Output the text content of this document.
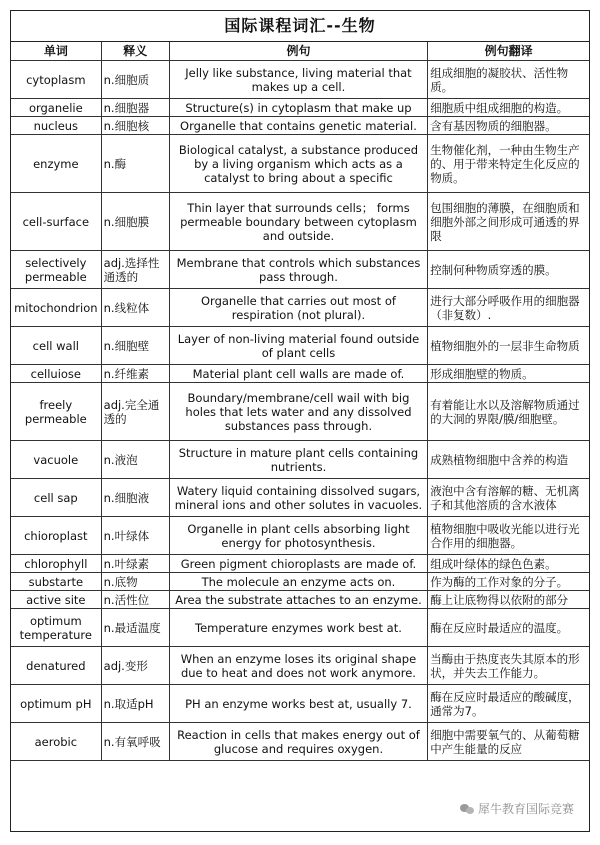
国际课程词汇--生物
单词	释义	例句	例句翻译
cytoplasm	n.细胞质	Jelly like substance, living material that makes up a cell.	组成细胞的凝胶状、活性物质。
organelie	n.细胞器	Structure(s) in cytoplasm that make up	细胞质中组成细胞的构造。
nucleus	n.细胞核	Organelle that contains genetic material.	含有基因物质的细胞器。
enzyme	n.酶	Biological catalyst, a substance produced by a living organism which acts as a catalyst to bring about a specific	生物催化剂，一种由生物生产的、用于带来特定生化反应的物质。
cell-surface	n.细胞膜	Thin layer that surrounds cells； forms permeable boundary between cytoplasm and outside.	包围细胞的薄膜，在细胞质和细胞外部之间形成可通透的界限
selectively permeable	adj.选择性通透的	Membrane that controls which substances pass through.	控制何种物质穿透的膜。
mitochondrion	n.线粒体	Organelle that carries out most of respiration (not plural).	进行大部分呼吸作用的细胞器（非复数）.
cell wall	n.细胞壁	Layer of non-living material found outside of plant cells	植物细胞外的一层非生命物质
celluiose	n.纤维素	Material plant cell walls are made of.	形成细胞壁的物质。
freely permeable	adj.完全通透的	Boundary/membrane/cell wail with big holes that lets water and any dissolved substances pass through.	有着能让水以及溶解物质通过的大洞的界限/膜/细胞壁。
vacuole	n.液泡	Structure in mature plant cells containing nutrients.	成熟植物细胞中含养的构造
cell sap	n.细胞液	Watery liquid containing dissolved sugars, mineral ions and other solutes in vacuoles.	液泡中含有溶解的糖、无机离子和其他溶质的含水液体
chioroplast	n.叶绿体	Organelle in plant cells absorbing light energy for photosynthesis.	植物细胞中吸收光能以进行光合作用的细胞器。
chlorophyll	n.叶绿素	Green pigment chioroplasts are made of.	组成叶绿体的绿色色素。
substarte	n.底物	The molecule an enzyme acts on.	作为酶的工作对象的分子。
active site	n.活性位	Area the substrate attaches to an enzyme.	酶上让底物得以依附的部分
optimum temperature	n.最适温度	Temperature enzymes work best at.	酶在反应时最适应的温度。
denatured	adj.变形	When an enzyme loses its original shape due to heat and does not work anymore.	当酶由于热度丧失其原本的形状，并失去工作能力。
optimum pH	n.取适pH	PH an enzyme works best at, usually 7.	酶在反应时最适应的酸碱度，通常为7。
aerobic	n.有氧呼吸	Reaction in cells that makes energy out of glucose and requires oxygen.	细胞中需要氧气的、从葡萄糖中产生能量的反应
犀牛教育国际竞赛
